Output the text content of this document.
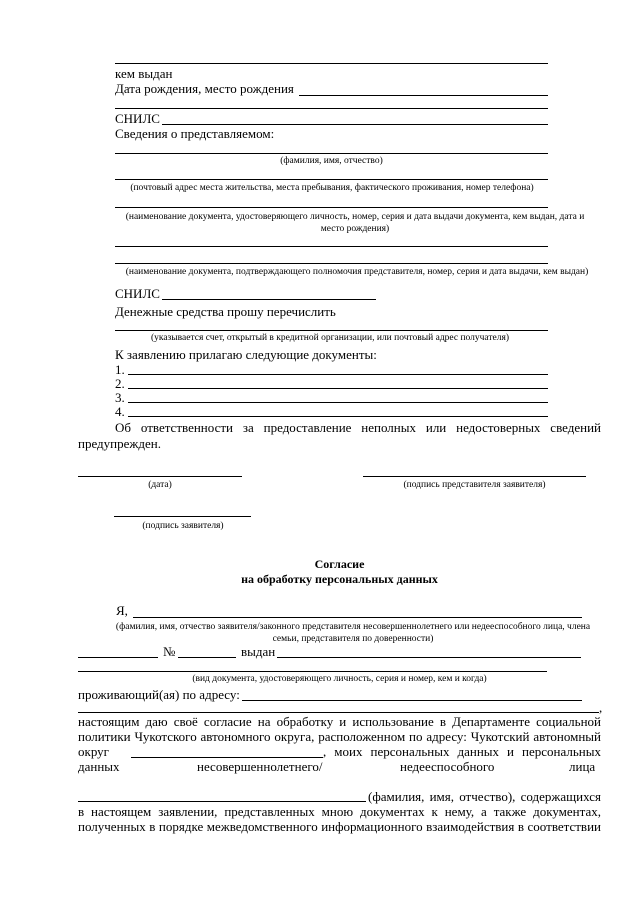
кем выдан
Дата рождения, место рождения
СНИЛС
Сведения о представляемом:
(фамилия, имя, отчество)
(почтовый адрес места жительства, места пребывания, фактического проживания, номер телефона)
(наименование документа, удостоверяющего личность, номер, серия и дата выдачи документа, кем выдан, дата и место рождения)
(наименование документа, подтверждающего полномочия представителя, номер, серия и дата выдачи, кем выдан)
СНИЛС
Денежные средства прошу перечислить
(указывается счет, открытый в кредитной организации, или почтовый адрес получателя)
К заявлению прилагаю следующие документы:
1.
2.
3.
4.
Об ответственности за предоставление неполных или недостоверных сведений
предупрежден.
(дата)	(подпись представителя заявителя)
(подпись заявителя)
Согласие
на обработку персональных данных
Я,
(фамилия, имя, отчество заявителя/законного представителя несовершеннолетнего или недееспособного лица, члена семьи, представителя по доверенности)
№	выдан
(вид документа, удостоверяющего личность, серия и номер, кем и когда)
проживающий(ая) по адресу:
,
настоящим даю своё согласие на обработку и использование в Департаменте социальной
политики Чукотского автономного округа, расположенном по адресу: Чукотский автономный
округ	, моих персональных данных и персональных
данных	несовершеннолетнего/	недееспособного	лица
(фамилия, имя, отчество), содержащихся
в настоящем заявлении, представленных мною документах к нему, а также документах,
полученных в порядке межведомственного информационного взаимодействия в соответствии
